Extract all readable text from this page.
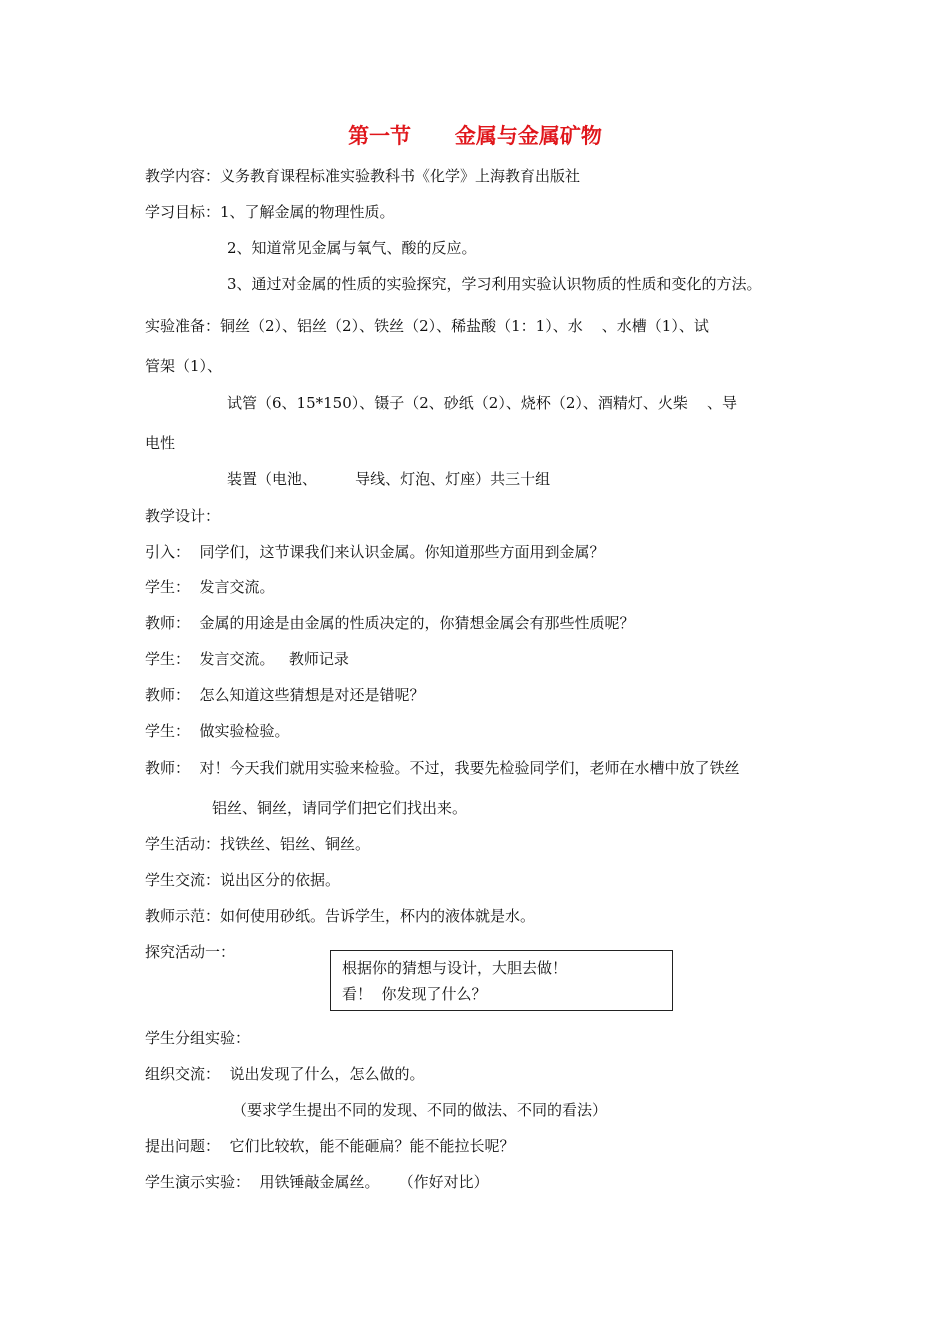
第一节      金属与金属矿物
教学内容：义务教育课程标准实验教科书《化学》上海教育出版社
学习目标：1、了解金属的物理性质。
2、知道常见金属与氧气、酸的反应。
3、通过对金属的性质的实验探究，学习利用实验认识物质的性质和变化的方法。
实验准备：铜丝（2）、铝丝（2）、铁丝（2）、稀盐酸（1：1）、水    、水槽（1）、试
管架（1）、
试管（6、15*150）、镊子（2、砂纸（2）、烧杯（2）、酒精灯、火柴    、导
电性
装置（电池、        导线、灯泡、灯座）共三十组
教学设计：
引入：  同学们，这节课我们来认识金属。你知道那些方面用到金属？
学生：  发言交流。
教师：  金属的用途是由金属的性质决定的，你猜想金属会有那些性质呢？
学生：  发言交流。   教师记录
教师：  怎么知道这些猜想是对还是错呢？
学生：  做实验检验。
教师：  对！今天我们就用实验来检验。不过，我要先检验同学们，老师在水槽中放了铁丝
铝丝、铜丝，请同学们把它们找出来。
学生活动：找铁丝、铝丝、铜丝。
学生交流：说出区分的依据。
教师示范：如何使用砂纸。告诉学生，杯内的液体就是水。
探究活动一：
根据你的猜想与设计，大胆去做！
看！  你发现了什么？
学生分组实验：
组织交流：  说出发现了什么，怎么做的。
（要求学生提出不同的发现、不同的做法、不同的看法）
提出问题：  它们比较软，能不能砸扁？能不能拉长呢？
学生演示实验：  用铁锤敲金属丝。    （作好对比）
